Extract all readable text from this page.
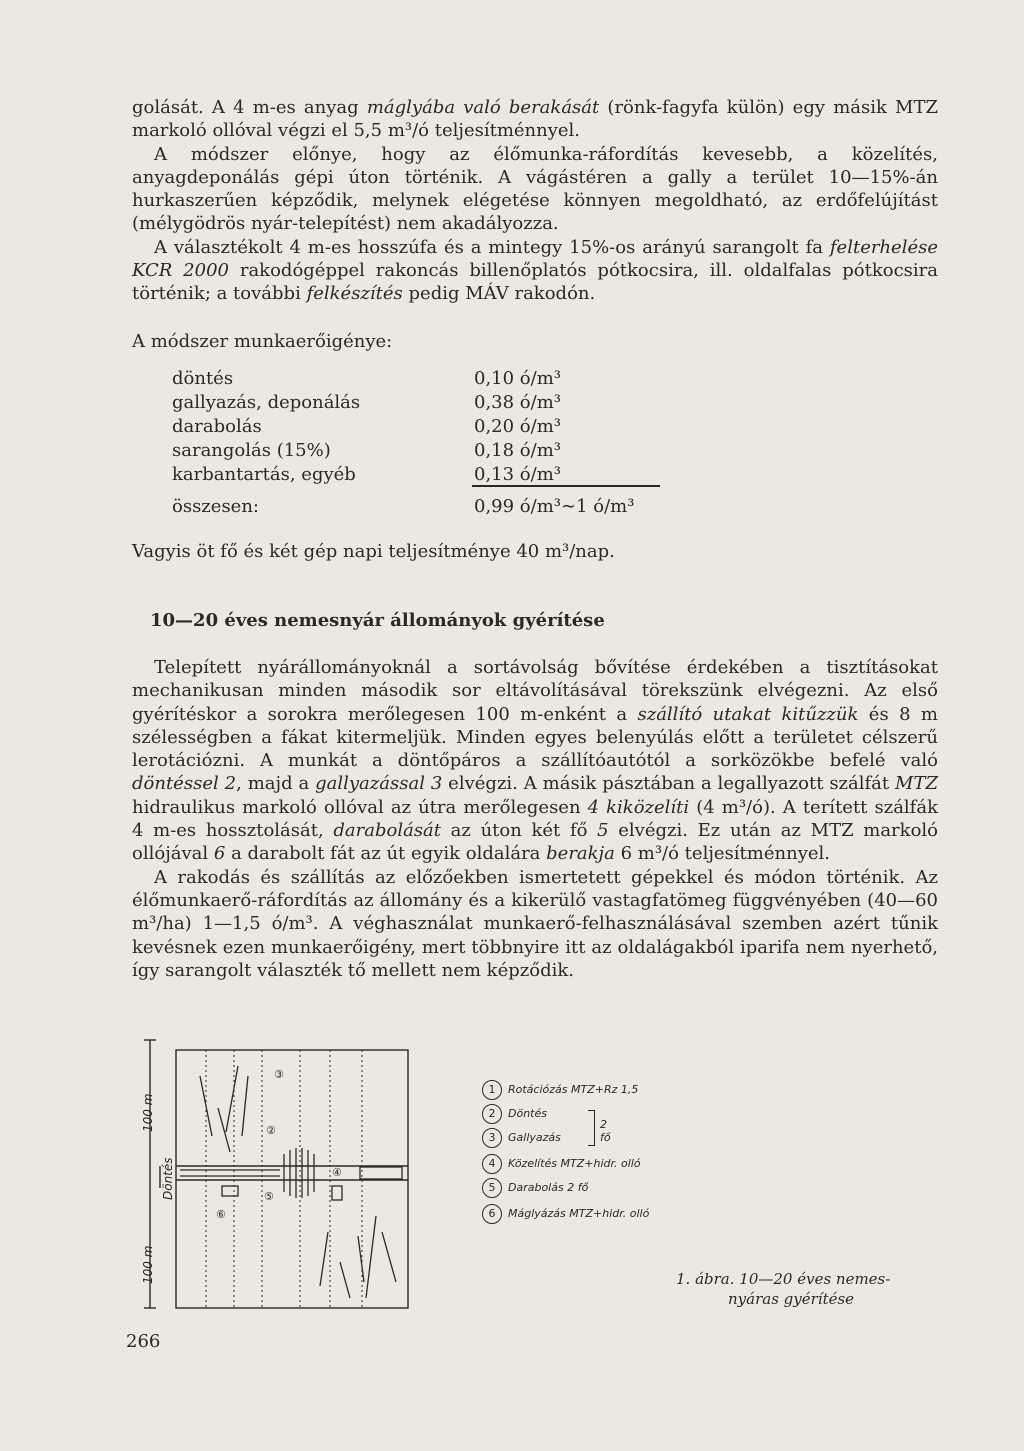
golását. A 4 m-es anyag máglyába való berakását (rönk-fagyfa külön) egy másik MTZ markoló ollóval végzi el 5,5 m³/ó teljesítménnyel.

A módszer előnye, hogy az élőmunka-ráfordítás kevesebb, a közelítés, anyagdeponálás gépi úton történik. A vágástéren a gally a terület 10—15%-án hurkaszerűen képződik, melynek elégetése könnyen megoldható, az erdőfelújítást (mélygödrös nyár-telepítést) nem akadályozza.

A választékolt 4 m-es hosszúfa és a mintegy 15%-os arányú sarangolt fa felterhelése KCR 2000 rakodógéppel rakoncás billenőplatós pótkocsira, ill. oldalfalas pótkocsira történik; a további felkészítés pedig MÁV rakodón.

A módszer munkaerőigénye:
döntés	0,10 ó/m³
gallyazás, deponálás	0,38 ó/m³
darabolás	0,20 ó/m³
sarangolás (15%)	0,18 ó/m³
karbantartás, egyéb	0,13 ó/m³
összesen:	0,99 ó/m³∼1 ó/m³
Vagyis öt fő és két gép napi teljesítménye 40 m³/nap.
10—20 éves nemesnyár állományok gyérítése

Telepített nyárállományoknál a sortávolság bővítése érdekében a tisztításokat mechanikusan minden második sor eltávolításával törekszünk elvégezni. Az első gyérítéskor a sorokra merőlegesen 100 m-enként a szállító utakat kitűzzük és 8 m szélességben a fákat kitermeljük. Minden egyes belenyúlás előtt a területet célszerű lerotációzni. A munkát a döntőpáros a szállítóautótól a sorközökbe befelé való döntéssel 2, majd a gallyazással 3 elvégzi. A másik pásztában a legallyazott szálfát MTZ hidraulikus markoló ollóval az útra merőlegesen 4 kiközelíti (4 m³/ó). A terített szálfák 4 m-es hossztolását, darabolását az úton két fő 5 elvégzi. Ez után az MTZ markoló ollójával 6 a darabolt fát az út egyik oldalára berakja 6 m³/ó teljesítménnyel.

A rakodás és szállítás az előzőekben ismertetett gépekkel és módon történik. Az élőmunkaerő-ráfordítás az állomány és a kikerülő vastagfatömeg függvényében (40—60 m³/ha) 1—1,5 ó/m³. A véghasználat munkaerő-felhasználásával szemben azért tűnik kevésnek ezen munkaerőigény, mert többnyire itt az oldalágakból iparifa nem nyerhető, így sarangolt választék tő mellett nem képződik.

③
②
④
⑤
⑥
100 m
100 m
Döntés
1 Rotációzás MTZ+Rz 1,5
2 Döntés
3 Gallyazás
4 Közelítés MTZ+hidr. olló
5 Darabolás 2 fő
6 Máglyázás MTZ+hidr. olló
2 fő
1. ábra. 10—20 éves nemes-
nyáras gyérítése
266
